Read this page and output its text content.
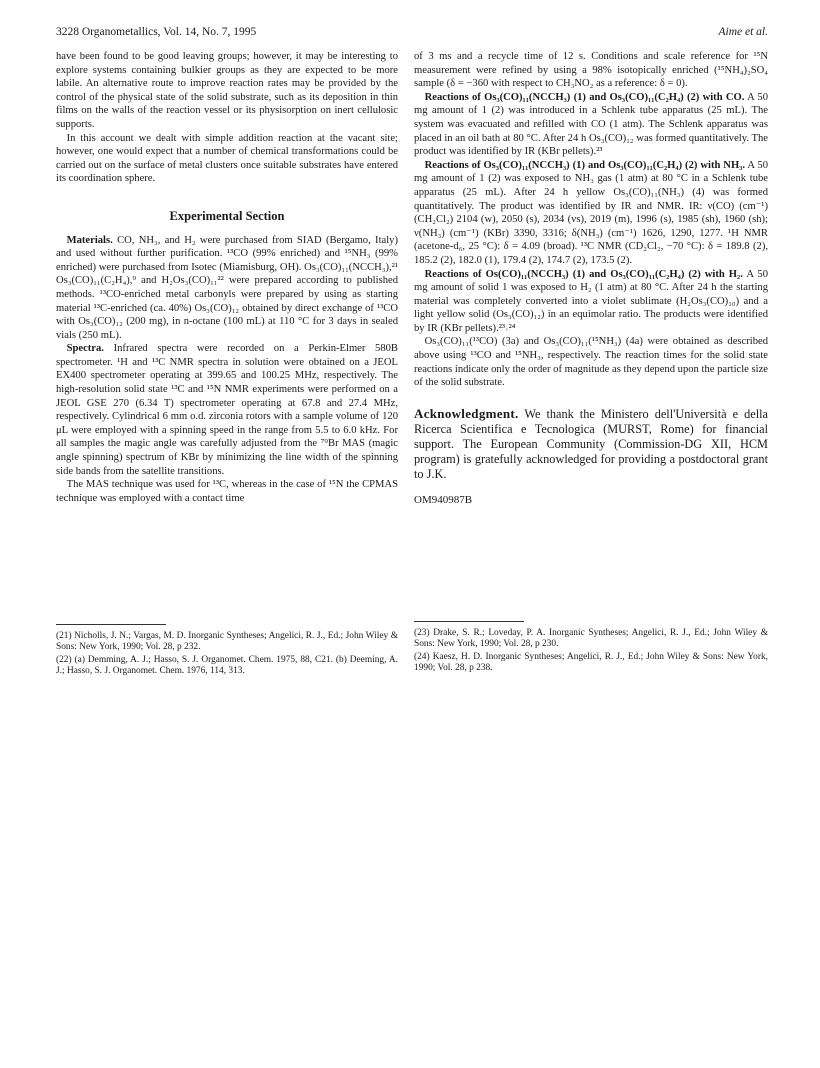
3228 Organometallics, Vol. 14, No. 7, 1995	Aime et al.

have been found to be good leaving groups; however, it may be interesting to explore systems containing bulkier groups as they are expected to be more labile. An alternative route to improve reaction rates may be provided by the control of the physical state of the solid substrate, such as its deposition in thin films on the walls of the reaction vessel or its physisorption on inert cellulosic supports.

In this account we dealt with simple addition reaction at the vacant site; however, one would expect that a number of chemical transformations could be carried out on the surface of metal clusters once suitable substrates have entered its coordination sphere.

Experimental Section

Materials. CO, NH₃, and H₂ were purchased from SIAD (Bergamo, Italy) and used without further purification. ¹³CO (99% enriched) and ¹⁵NH₃ (99% enriched) were purchased from Isotec (Miamisburg, OH). Os₃(CO)₁₁(NCCH₃),²¹ Os₃(CO)₁₁(C₂H₄),⁹ and H₂Os₃(CO)₁₁²² were prepared according to published methods. ¹³CO-enriched metal carbonyls were prepared by using as starting material ¹³C-enriched (ca. 40%) Os₃(CO)₁₂ obtained by direct exchange of ¹³CO with Os₃(CO)₁₂ (200 mg), in n-octane (100 mL) at 110 °C for 3 days in sealed vials (250 mL).

Spectra. Infrared spectra were recorded on a Perkin-Elmer 580B spectrometer. ¹H and ¹³C NMR spectra in solution were obtained on a JEOL EX400 spectrometer operating at 399.65 and 100.25 MHz, respectively. The high-resolution solid state ¹³C and ¹⁵N NMR experiments were performed on a JEOL GSE 270 (6.34 T) spectrometer operating at 67.8 and 27.4 MHz, respectively. Cylindrical 6 mm o.d. zirconia rotors with a sample volume of 120 μL were employed with a spinning speed in the range from 5.5 to 6.0 kHz. For all samples the magic angle was carefully adjusted from the ⁷⁹Br MAS (magic angle spinning) spectrum of KBr by minimizing the line width of the spinning side bands from the satellite transitions.

The MAS technique was used for ¹³C, whereas in the case of ¹⁵N the CPMAS technique was employed with a contact time

of 3 ms and a recycle time of 12 s. Conditions and scale reference for ¹⁵N measurement were refined by using a 98% isotopically enriched (¹⁵NH₄)₂SO₄ sample (δ = −360 with respect to CH₃NO₂ as a reference: δ = 0).

Reactions of Os₃(CO)₁₁(NCCH₃) (1) and Os₃(CO)₁₁(C₂H₄) (2) with CO. A 50 mg amount of 1 (2) was introduced in a Schlenk tube apparatus (25 mL). The system was evacuated and refilled with CO (1 atm). The Schlenk apparatus was placed in an oil bath at 80 °C. After 24 h Os₃(CO)₁₂ was formed quantitatively. The product was identified by IR (KBr pellets).²³

Reactions of Os₃(CO)₁₁(NCCH₃) (1) and Os₃(CO)₁₁(C₂H₄) (2) with NH₃. A 50 mg amount of 1 (2) was exposed to NH₃ gas (1 atm) at 80 °C in a Schlenk tube apparatus (25 mL). After 24 h yellow Os₃(CO)₁₁(NH₃) (4) was formed quantitatively. The product was identified by IR and NMR. IR: ν(CO) (cm⁻¹) (CH₂Cl₂) 2104 (w), 2050 (s), 2034 (vs), 2019 (m), 1996 (s), 1985 (sh), 1960 (sh); ν(NH₃) (cm⁻¹) (KBr) 3390, 3316; δ(NH₃) (cm⁻¹) 1626, 1290, 1277. ¹H NMR (acetone-d₆, 25 °C): δ = 4.09 (broad). ¹³C NMR (CD₂Cl₂, −70 °C): δ = 189.8 (2), 185.2 (2), 182.0 (1), 179.4 (2), 174.7 (2), 173.5 (2).

Reactions of Os(CO)₁₁(NCCH₃) (1) and Os₃(CO)₁₁(C₂H₄) (2) with H₂. A 50 mg amount of solid 1 was exposed to H₂ (1 atm) at 80 °C. After 24 h the starting material was completely converted into a violet sublimate (H₂Os₃(CO)₁₀) and a light yellow solid (Os₃(CO)₁₂) in an equimolar ratio. The products were identified by IR (KBr pellets).²³˒²⁴

Os₃(CO)₁₁(¹³CO) (3a) and Os₃(CO)₁₁(¹⁵NH₃) (4a) were obtained as described above using ¹³CO and ¹⁵NH₃, respectively. The reaction times for the solid state reactions indicate only the order of magnitude as they depend upon the particle size of the solid substrate.

Acknowledgment. We thank the Ministero dell'Università e della Ricerca Scientifica e Tecnologica (MURST, Rome) for financial support. The European Community (Commission-DG XII, HCM program) is gratefully acknowledged for providing a postdoctoral grant to J.K.

OM940987B

(21) Nicholls, J. N.; Vargas, M. D. Inorganic Syntheses; Angelici, R. J., Ed.; John Wiley & Sons: New York, 1990; Vol. 28, p 232.

(22) (a) Demming, A. J.; Hasso, S. J. Organomet. Chem. 1975, 88, C21. (b) Deeming, A. J.; Hasso, S. J. Organomet. Chem. 1976, 114, 313.

(23) Drake, S. R.; Loveday, P. A. Inorganic Syntheses; Angelici, R. J., Ed.; John Wiley & Sons: New York, 1990; Vol. 28, p 230.

(24) Kaesz, H. D. Inorganic Syntheses; Angelici, R. J., Ed.; John Wiley & Sons: New York, 1990; Vol. 28, p 238.
